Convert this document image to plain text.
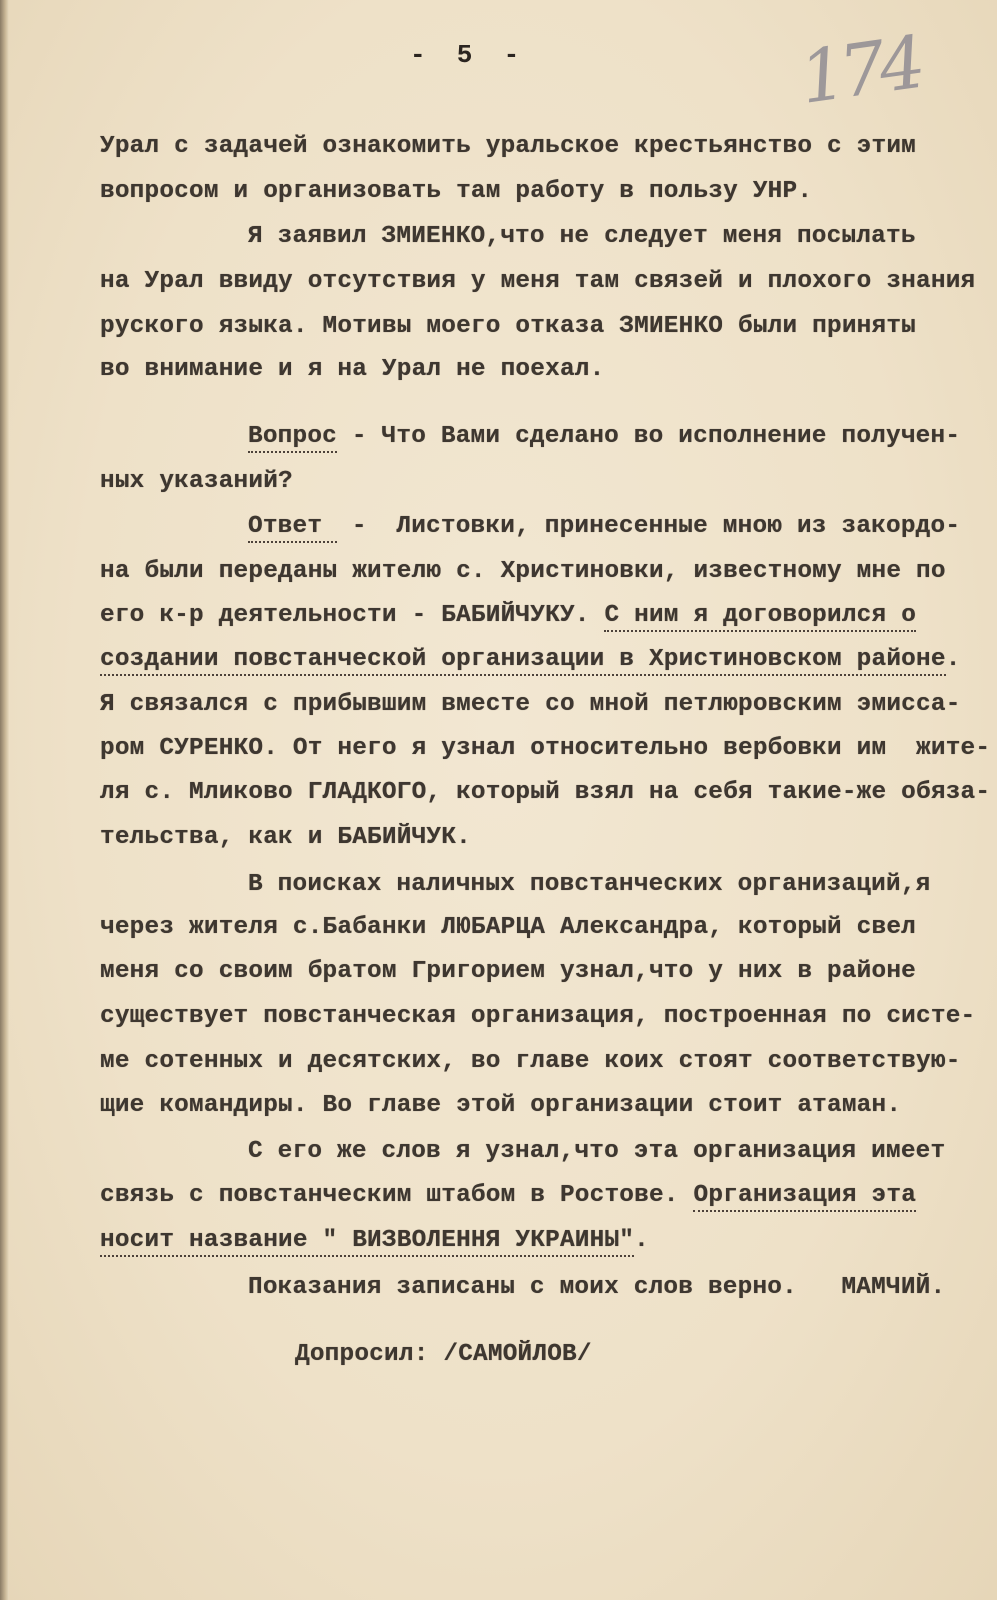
-  5  -	174
Урал с задачей ознакомить уральское крестьянство с этим
вопросом и организовать там работу в пользу УНР.
Я заявил ЗМИЕНКО,что не следует меня посылать
на Урал ввиду отсутствия у меня там связей и плохого знания
руского языка. Мотивы моего отказа ЗМИЕНКО были приняты
во внимание и я на Урал не поехал.
Вопрос - Что Вами сделано во исполнение получен-
ных указаний?
Ответ  -  Листовки, принесенные мною из закордо-
на были переданы жителю с. Христиновки, известному мне по
его к-р деятельности - БАБИЙЧУКУ. С ним я договорился о
создании повстанческой организации в Христиновском районе.
Я связался с прибывшим вместе со мной петлюровским эмисса-
ром СУРЕНКО. От него я узнал относительно вербовки им  жите-
ля с. Мликово ГЛАДКОГО, который взял на себя такие-же обяза-
тельства, как и БАБИЙЧУК.
В поисках наличных повстанческих организаций,я
через жителя с.Бабанки ЛЮБАРЦА Александра, который свел
меня со своим братом Григорием узнал,что у них в районе
существует повстанческая организация, построенная по систе-
ме сотенных и десятских, во главе коих стоят соответствую-
щие командиры. Во главе этой организации стоит атаман.
С его же слов я узнал,что эта организация имеет
связь с повстанческим штабом в Ростове. Организация эта
носит название " ВИЗВОЛЕННЯ УКРАИНЫ".
Показания записаны с моих слов верно.   МАМЧИЙ.
Допросил: /САМОЙЛОВ/
